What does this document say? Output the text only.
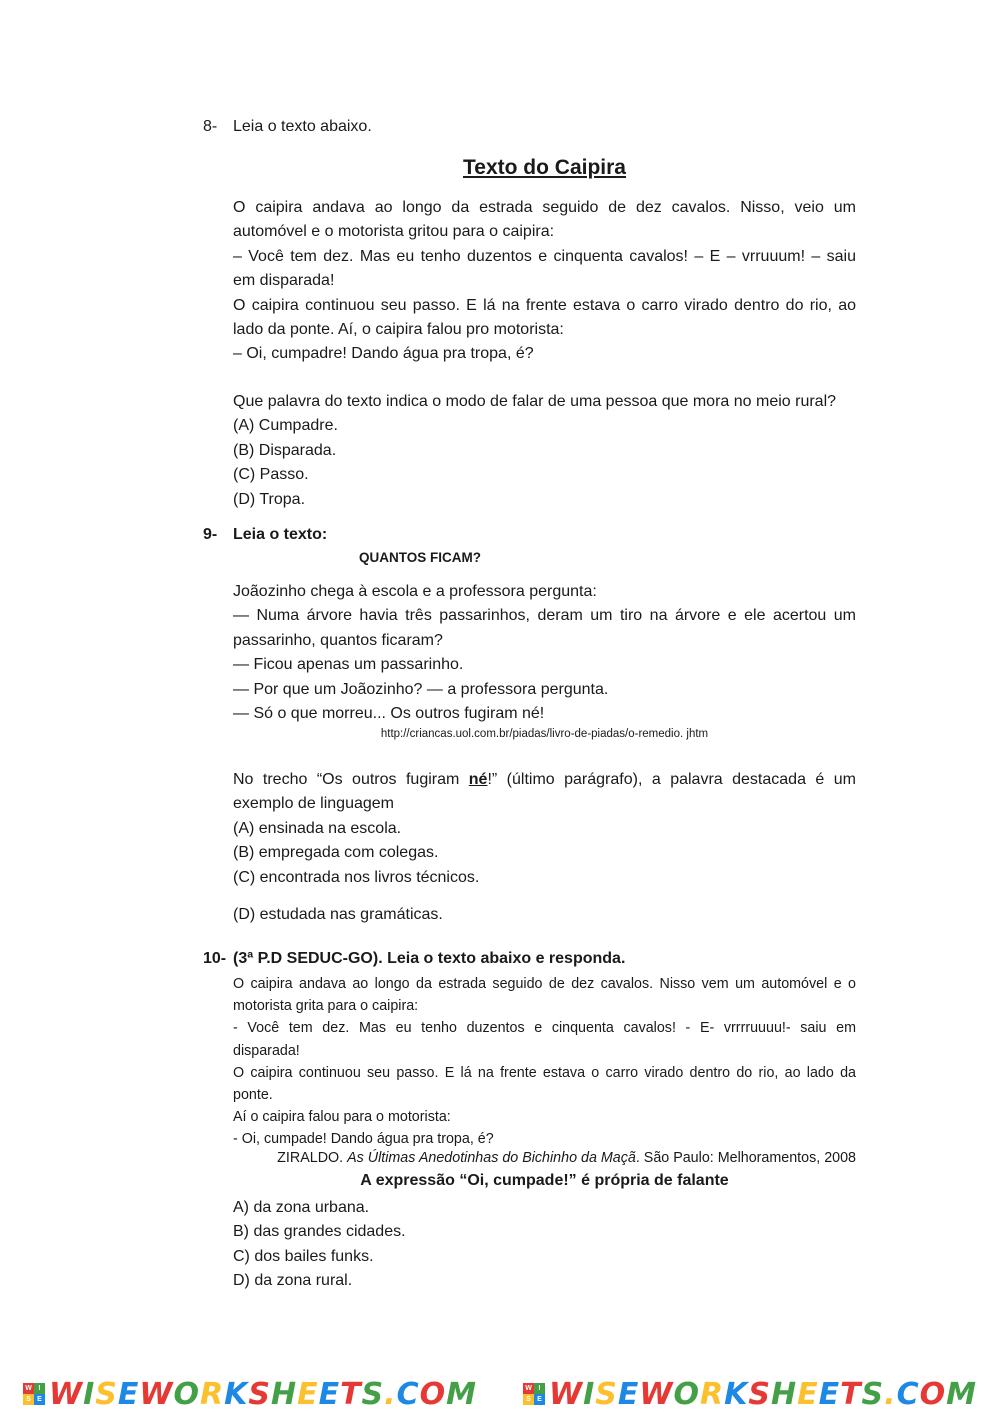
8- Leia o texto abaixo.
Texto do Caipira
O caipira andava ao longo da estrada seguido de dez cavalos. Nisso, veio um
automóvel e o motorista gritou para o caipira:
– Você tem dez. Mas eu tenho duzentos e cinquenta cavalos! – E – vrruuum! – saiu
em disparada!
O caipira continuou seu passo. E lá na frente estava o carro virado dentro do rio, ao
lado da ponte. Aí, o caipira falou pro motorista:
– Oi, cumpadre! Dando água pra tropa, é?
Que palavra do texto indica o modo de falar de uma pessoa que mora no meio rural?
(A) Cumpadre.
(B) Disparada.
(C) Passo.
(D) Tropa.
9- Leia o texto:
QUANTOS FICAM?
Joãozinho chega à escola e a professora pergunta:
— Numa árvore havia três passarinhos, deram um tiro na árvore e ele acertou um
passarinho, quantos ficaram?
— Ficou apenas um passarinho.
— Por que um Joãozinho? — a professora pergunta.
— Só o que morreu... Os outros fugiram né!
http://criancas.uol.com.br/piadas/livro-de-piadas/o-remedio. jhtm
No trecho “Os outros fugiram né!” (último parágrafo), a palavra destacada é um
exemplo de linguagem
(A) ensinada na escola.
(B) empregada com colegas.
(C) encontrada nos livros técnicos.
(D) estudada nas gramáticas.
10- (3ª P.D SEDUC-GO). Leia o texto abaixo e responda.
O caipira andava ao longo da estrada seguido de dez cavalos. Nisso vem um automóvel e o
motorista grita para o caipira:
- Você tem dez. Mas eu tenho duzentos e cinquenta cavalos! - E- vrrrruuuu!- saiu em
disparada!
O caipira continuou seu passo. E lá na frente estava o carro virado dentro do rio, ao lado da
ponte.
Aí o caipira falou para o motorista:
- Oi, cumpade! Dando água pra tropa, é?
ZIRALDO. As Últimas Anedotinhas do Bichinho da Maçã. São Paulo: Melhoramentos, 2008
A expressão “Oi, cumpade!” é própria de falante
A) da zona urbana.
B) das grandes cidades.
C) dos bailes funks.
D) da zona rural.
W I
S E WISEWORKSHEETS.COM	W I
S E WISEWORKSHEETS.COM
